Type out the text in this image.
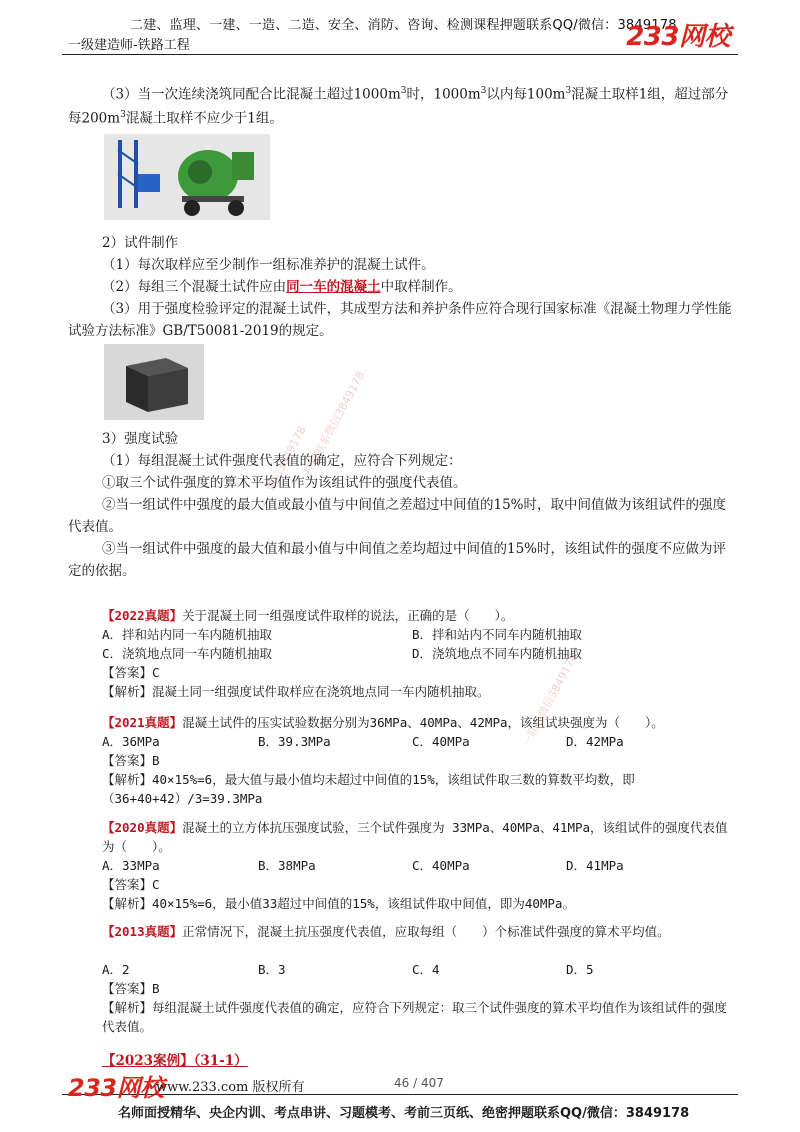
二建、监理、一建、一造、二造、安全、消防、咨询、检测课程押题联系QQ/微信：3849178
一级建造师-铁路工程	233网校
（3）当一次连续浇筑同配合比混凝土超过$1000m^3$时，$1000m^3$以内每$100m^3$混凝土取样1组，超过部分
每$200m^3$混凝土取样不应少于1组。
2）试件制作
（1）每次取样应至少制作一组标准养护的混凝土试件。
（2）每组三个混凝土试件应由同一车的混凝土中取样制作。
（3）用于强度检验评定的混凝土试件，其成型方法和养护条件应符合现行国家标准《混凝土物理力学性能试验方法标准》GB/T50081-2019的规定。
3）强度试验
（1）每组混凝土试件强度代表值的确定，应符合下列规定：
①取三个试件强度的算术平均值作为该组试件的强度代表值。
②当一组试件中强度的最大值或最小值与中间值之差超过中间值的15%时，取中间值做为该组试件的强度代表值。
③当一组试件中强度的最大值和最小值与中间值之差均超过中间值的15%时，该组试件的强度不应做为评定的依据。
【2022真题】关于混凝土同一组强度试件取样的说法，正确的是（　　）。
A．拌和站内同一车内随机抽取	B．拌和站内不同车内随机抽取
C．浇筑地点同一车内随机抽取	D．浇筑地点不同车内随机抽取
【答案】C
【解析】混凝土同一组强度试件取样应在浇筑地点同一车内随机抽取。
【2021真题】混凝土试件的压实试验数据分别为36MPa、40MPa、42MPa，该组试块强度为（　　）。
A．36MPa	B．39.3MPa	C．40MPa	D．42MPa
【答案】B
【解析】40×15%=6，最大值与最小值均未超过中间值的15%，该组试件取三数的算数平均数，即（36+40+42）/3=39.3MPa
【2020真题】混凝土的立方体抗压强度试验，三个试件强度为 33MPa、40MPa、41MPa，该组试件的强度代表值为（　　）。
A．33MPa	B．38MPa	C．40MPa	D．41MPa
【答案】C
【解析】40×15%=6，最小值33超过中间值的15%，该组试件取中间值，即为40MPa。
【2013真题】正常情况下，混凝土抗压强度代表值，应取每组（　　）个标准试件强度的算术平均值。
A．2	B．3	C．4	D．5
【答案】B
【解析】每组混凝土试件强度代表值的确定，应符合下列规定：取三个试件强度的算术平均值作为该组试件的强度代表值。
【2023案例】（31-1）
微信3849178
押题联系微信3849178
一联系微信3849178
233网校
www.233.com 版权所有	46 / 407
名师面授精华、央企内训、考点串讲、习题模考、考前三页纸、绝密押题联系QQ/微信：3849178
